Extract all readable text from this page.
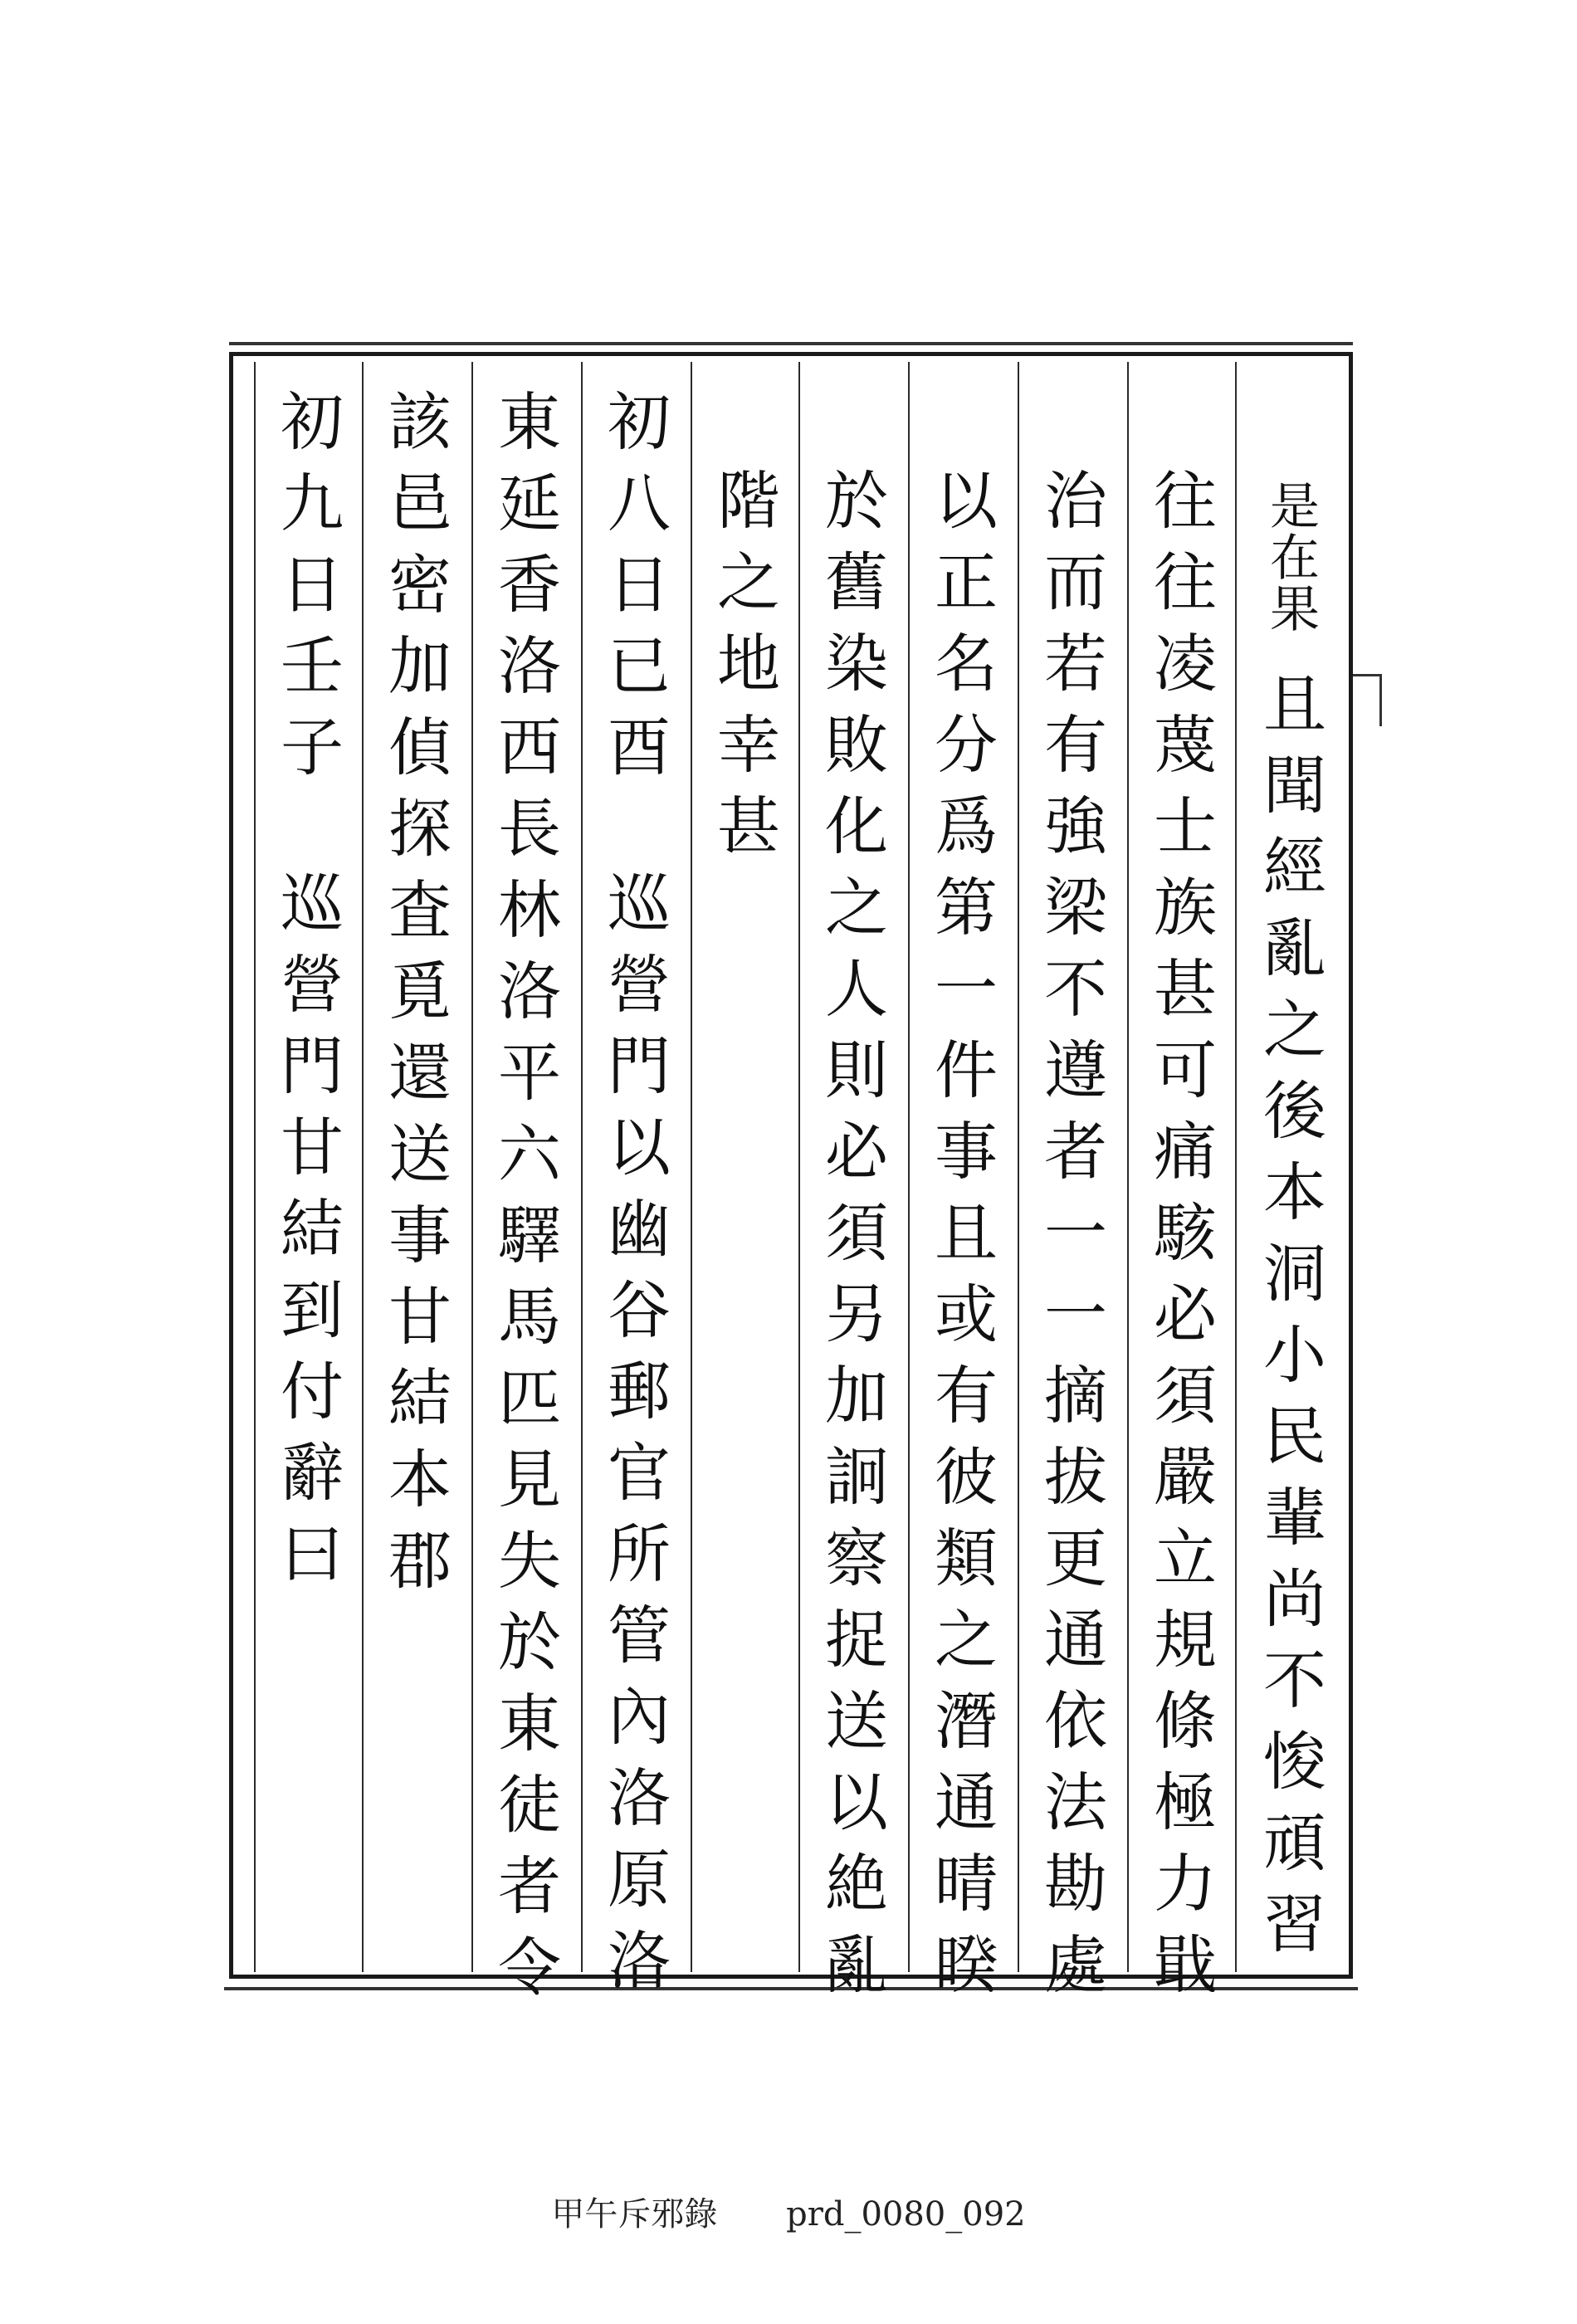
是
在
果
且
聞
經
亂
之
後
本
洞
小
民
輩
尚
不
悛
頑
習
往
往
凌
蔑
士
族
甚
可
痛
駭
必
須
嚴
立
規
條
極
力
戢
治
而
若
有
強
梁
不
遵
者
一
一
摘
拔
更
通
依
法
勘
處
以
正
名
分
爲
第
一
件
事
且
或
有
彼
類
之
潛
通
晴
睽
於
舊
染
敗
化
之
人
則
必
須
另
加
詗
察
捉
送
以
絶
亂
階
之
地
幸
甚
初
八
日
已
酉
巡
營
門
以
幽
谷
郵
官
所
管
內
洛
原
洛
東
延
香
洛
西
長
林
洛
平
六
驛
馬
匹
見
失
於
東
徒
者
令
該
邑
密
加
偵
探
査
覓
還
送
事
甘
結
本
郡
初
九
日
壬
子
巡
營
門
甘
結
到
付
辭
曰
甲午斥邪錄 prd_0080_092
